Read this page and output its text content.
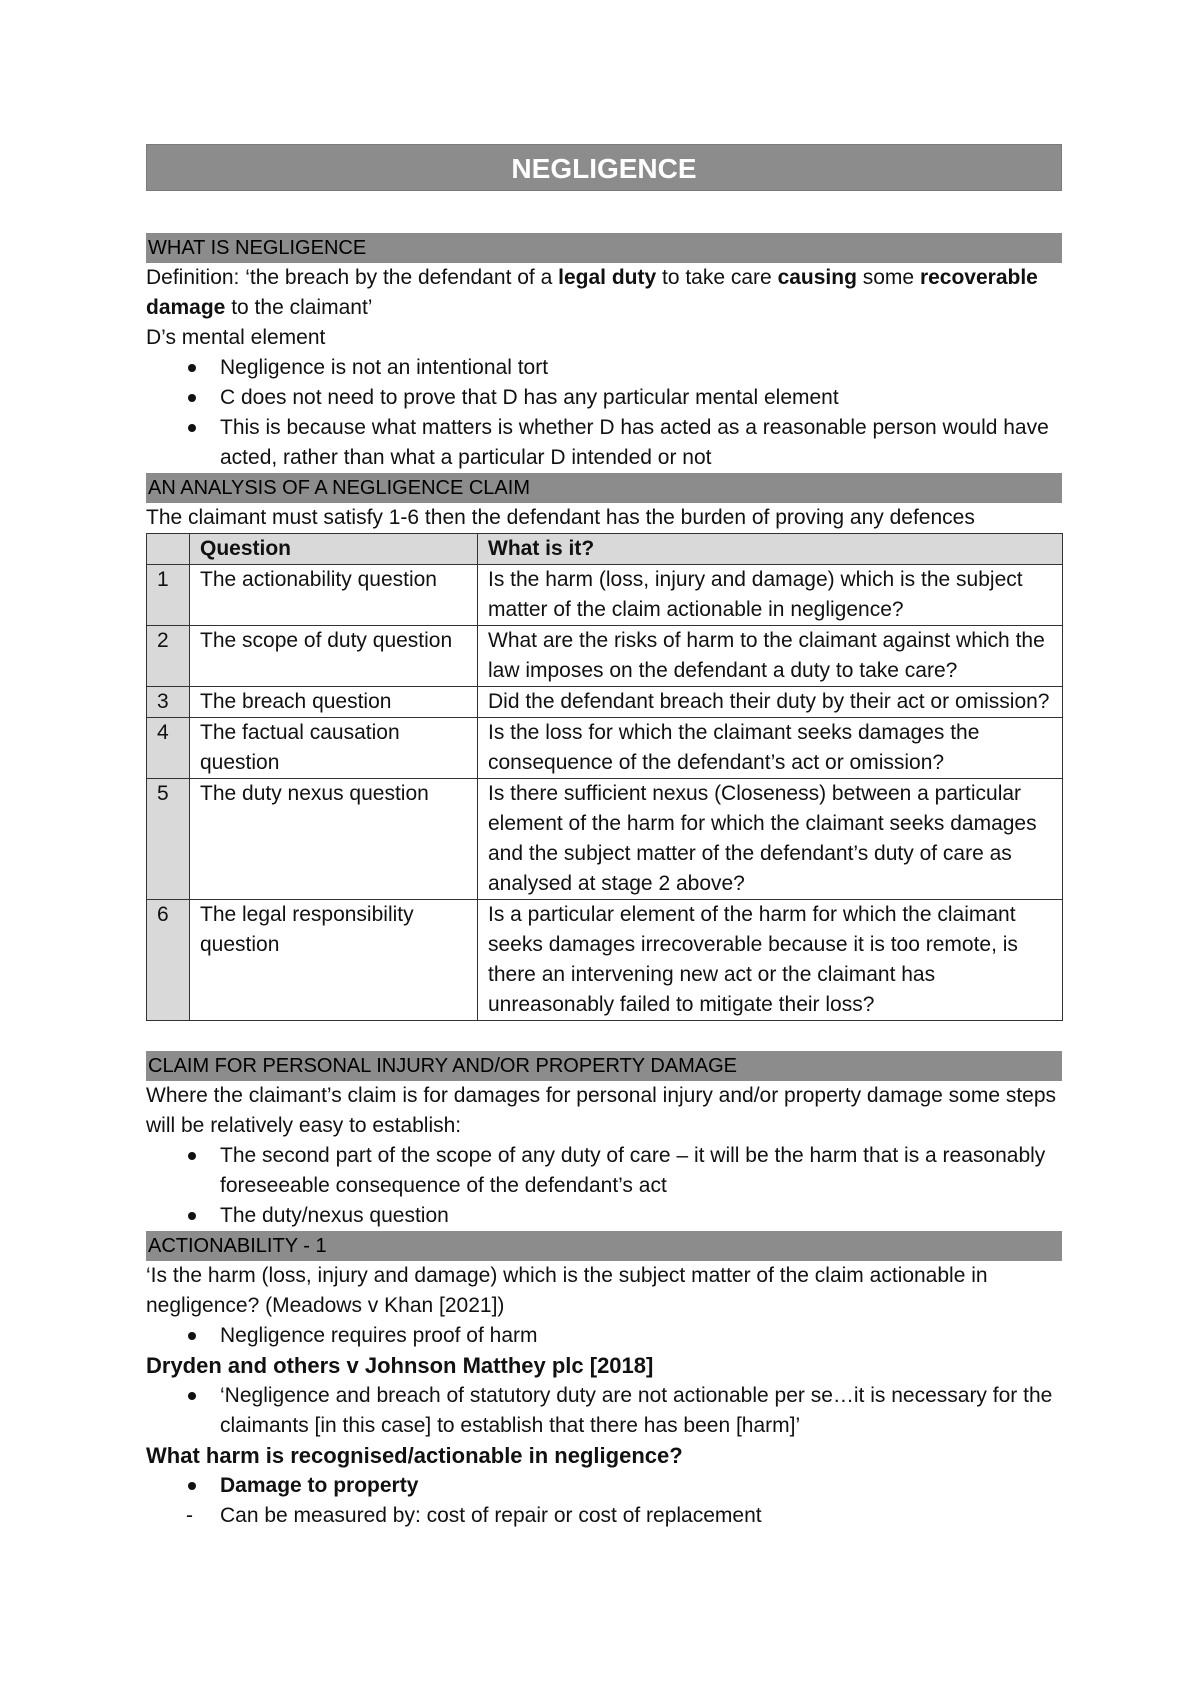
NEGLIGENCE
WHAT IS NEGLIGENCE

Definition: ‘the breach by the defendant of a legal duty to take care causing some recoverable damage to the claimant’

D’s mental element

Negligence is not an intentional tort
C does not need to prove that D has any particular mental element
This is because what matters is whether D has acted as a reasonable person would have acted, rather than what a particular D intended or not
AN ANALYSIS OF A NEGLIGENCE CLAIM

The claimant must satisfy 1-6 then the defendant has the burden of proving any defences

	Question	What is it?
1	The actionability question	Is the harm (loss, injury and damage) which is the subject matter of the claim actionable in negligence?
2	The scope of duty question	What are the risks of harm to the claimant against which the law imposes on the defendant a duty to take care?
3	The breach question	Did the defendant breach their duty by their act or omission?
4	The factual causation question	Is the loss for which the claimant seeks damages the consequence of the defendant’s act or omission?
5	The duty nexus question	Is there sufficient nexus (Closeness) between a particular element of the harm for which the claimant seeks damages and the subject matter of the defendant’s duty of care as analysed at stage 2 above?
6	The legal responsibility question	Is a particular element of the harm for which the claimant seeks damages irrecoverable because it is too remote, is there an intervening new act or the claimant has unreasonably failed to mitigate their loss?
CLAIM FOR PERSONAL INJURY AND/OR PROPERTY DAMAGE

Where the claimant’s claim is for damages for personal injury and/or property damage some steps will be relatively easy to establish:

The second part of the scope of any duty of care – it will be the harm that is a reasonably foreseeable consequence of the defendant’s act
The duty/nexus question
ACTIONABILITY - 1

‘Is the harm (loss, injury and damage) which is the subject matter of the claim actionable in negligence? (Meadows v Khan [2021])

Negligence requires proof of harm

Dryden and others v Johnson Matthey plc [2018]

‘Negligence and breach of statutory duty are not actionable per se…it is necessary for the claimants [in this case] to establish that there has been [harm]’

What harm is recognised/actionable in negligence?

Damage to property
- Can be measured by: cost of repair or cost of replacement
